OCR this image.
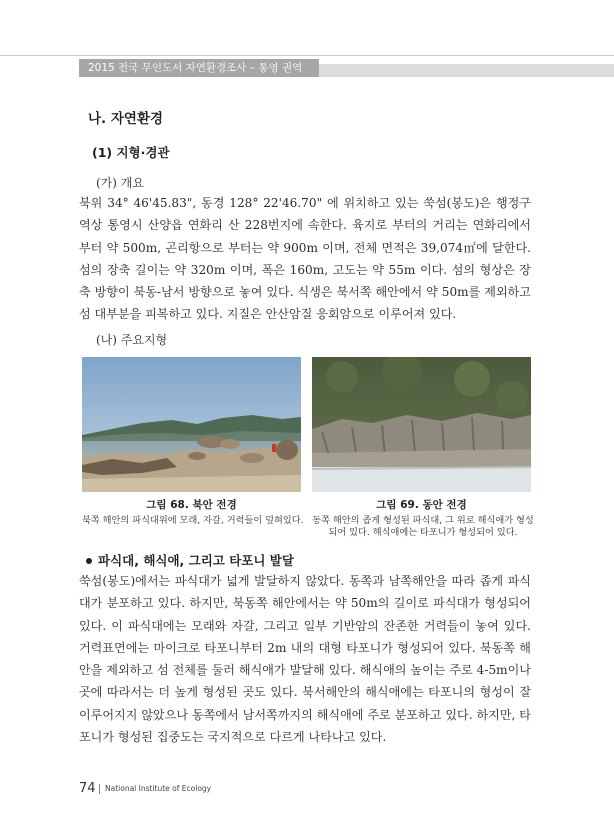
2015 전국 무인도서 자연환경조사 – 통영 권역
나. 자연환경
(1) 지형·경관
(가) 개요
북위 34° 46'45.83", 동경 128° 22'46.70" 에 위치하고 있는 쑥섬(봉도)은 행정구역상 통영시 산양읍 연화리 산 228번지에 속한다. 육지로 부터의 거리는 연화리에서 부터 약 500m, 곤리항으로 부터는 약 900m 이며, 전체 면적은 39,074㎡에 달한다. 섬의 장축 길이는 약 320m 이며, 폭은 160m, 고도는 약 55m 이다. 섬의 형상은 장축 방향이 북동-남서 방향으로 놓여 있다. 식생은 북서쪽 해안에서 약 50m를 제외하고 섬 대부분을 피복하고 있다. 지질은 안산암질 응회암으로 이루어져 있다.
(나) 주요지형
그림 68. 북안 전경	그림 69. 동안 전경
북쪽 해안의 파식대위에 모래, 자갈, 거력들이 덮혀있다. 동쪽 해안의 좁게 형성된 파식대, 그 위로 해식애가 형성되어 있다. 해식애에는 타포니가 형성되어 있다.
파식대, 해식애, 그리고 타포니 발달
쑥섬(봉도)에서는 파식대가 넓게 발달하지 않았다. 동쪽과 남쪽해안을 따라 좁게 파식대가 분포하고 있다. 하지만, 북동쪽 해안에서는 약 50m의 길이로 파식대가 형성되어 있다. 이 파식대에는 모래와 자갈, 그리고 일부 기반암의 잔존한 거력들이 놓여 있다. 거력표면에는 마이크로 타포니부터 2m 내의 대형 타포니가 형성되어 있다. 북동쪽 해안을 제외하고 섬 전체를 둘러 해식애가 발달해 있다. 해식애의 높이는 주로 4-5m이나 곳에 따라서는 더 높게 형성된 곳도 있다. 북서해안의 해식애에는 타포니의 형성이 잘 이루어지지 않았으나 동쪽에서 남서쪽까지의 해식애에 주로 분포하고 있다. 하지만, 타포니가 형성된 집중도는 국지적으로 다르게 나타나고 있다.
74 National Institute of Ecology
